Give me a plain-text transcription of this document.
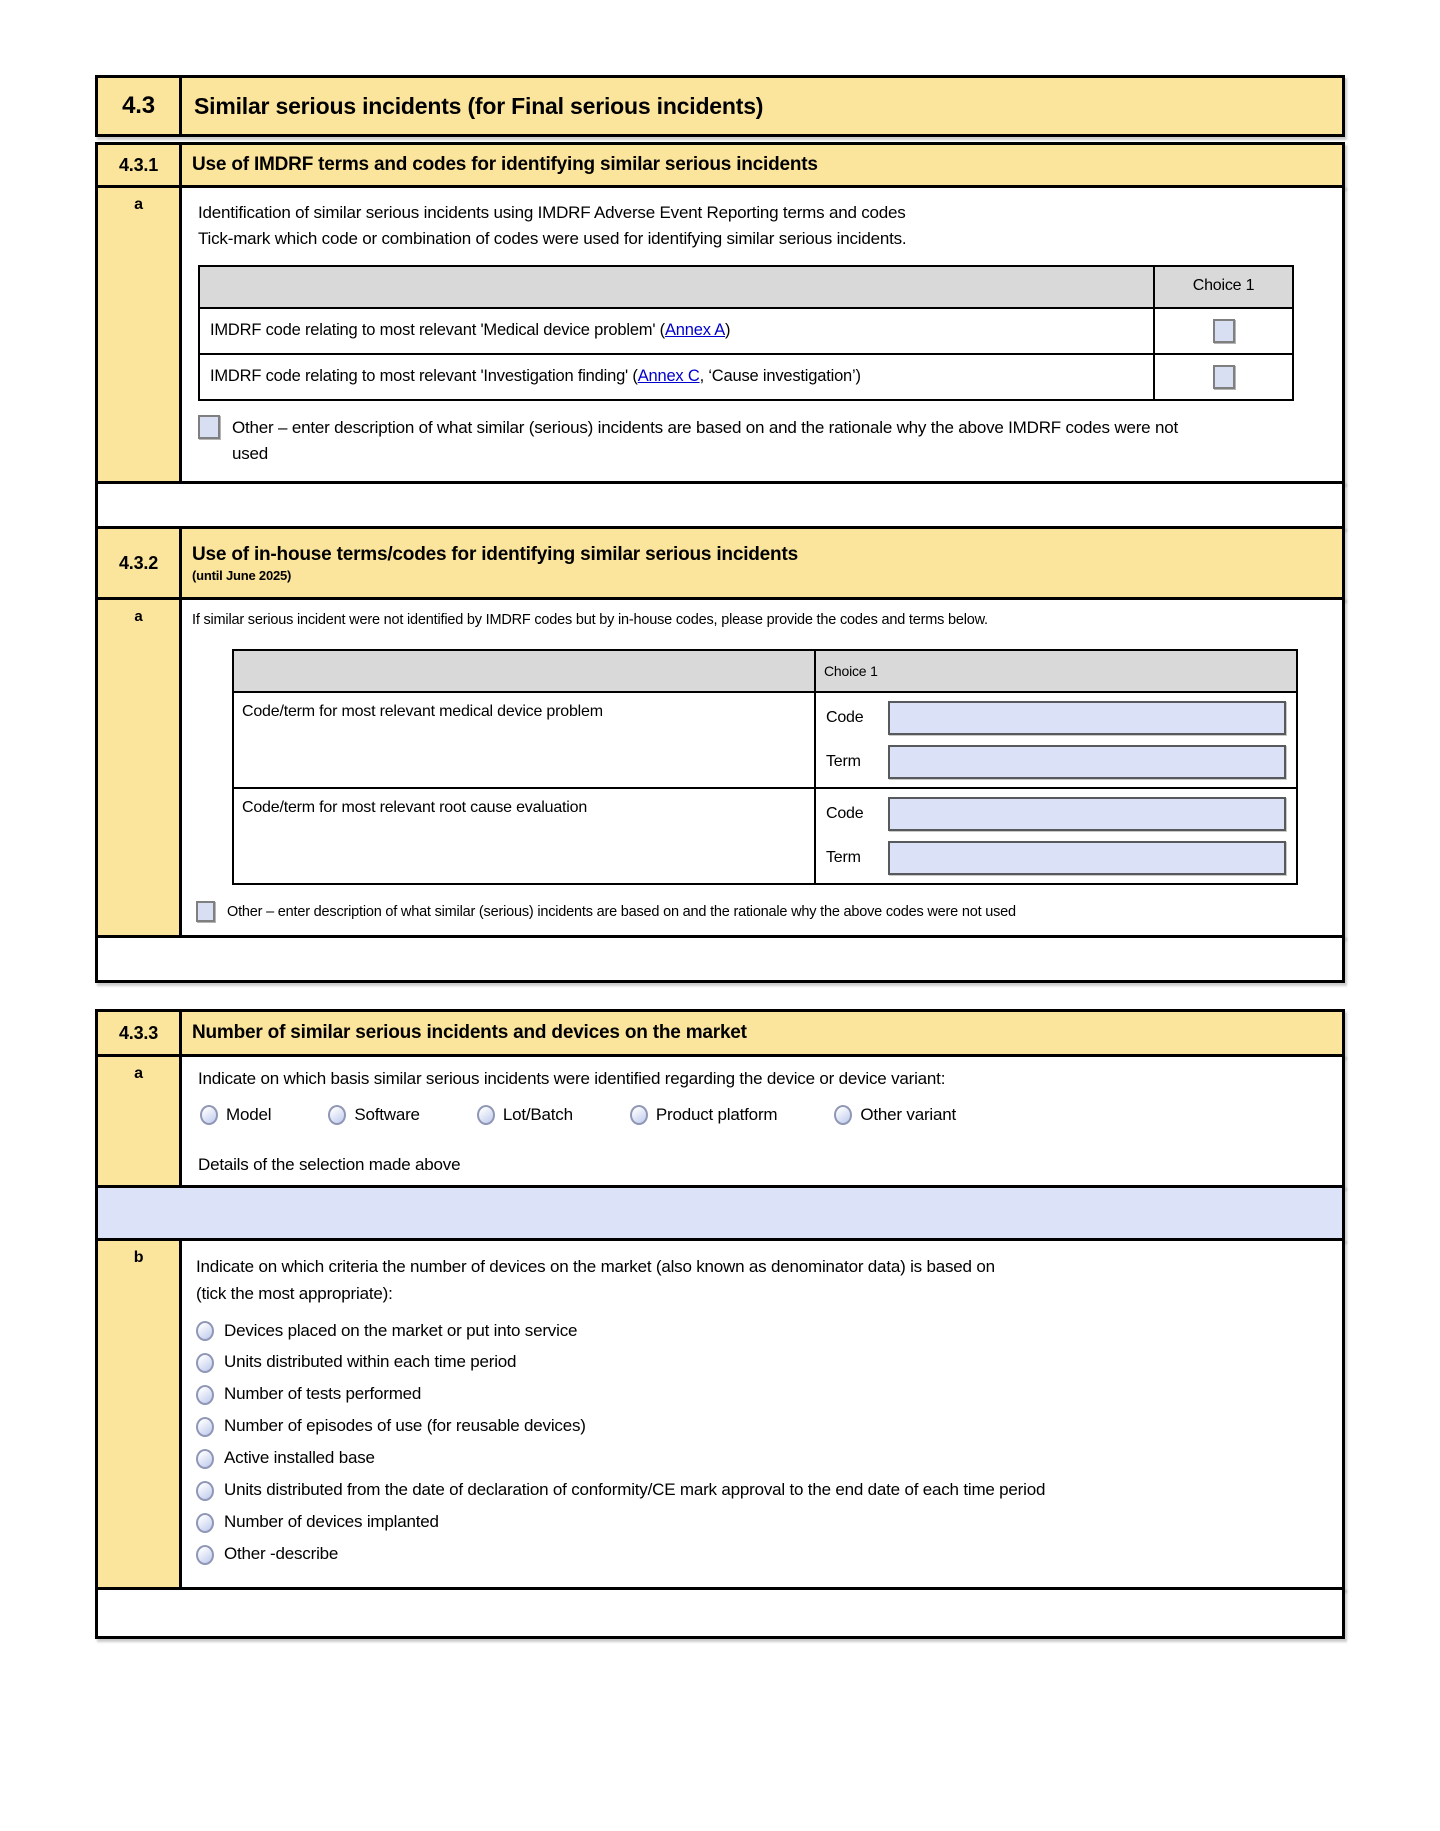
4.3	Similar serious incidents (for Final serious incidents)
4.3.1	Use of IMDRF terms and codes for identifying similar serious incidents
a	Identification of similar serious incidents using IMDRF Adverse Event Reporting terms and codes
Tick-mark which code or combination of codes were used for identifying similar serious incidents.
Choice 1
IMDRF code relating to most relevant 'Medical device problem' ( Annex A )
IMDRF code relating to most relevant 'Investigation finding' ( Annex C , ‘Cause investigation’)
Other – enter description of what similar (serious) incidents are based on and the rationale why the above IMDRF codes were not used
4.3.2	Use of in-house terms/codes for identifying similar serious incidents
(until June 2025)
a	If similar serious incident were not identified by IMDRF codes but by in-house codes, please provide the codes and terms below.
Choice 1
Code/term for most relevant medical device problem	Code
Term
Code/term for most relevant root cause evaluation	Code
Term
Other – enter description of what similar (serious) incidents are based on and the rationale why the above codes were not used
4.3.3	Number of similar serious incidents and devices on the market
a	Indicate on which basis similar serious incidents were identified regarding the device or device variant:
Model	Software	Lot/Batch	Product platform	Other variant
Details of the selection made above
b	Indicate on which criteria the number of devices on the market (also known as denominator data) is based on
(tick the most appropriate):
Devices placed on the market or put into service
Units distributed within each time period
Number of tests performed
Number of episodes of use (for reusable devices)
Active installed base
Units distributed from the date of declaration of conformity/CE mark approval to the end date of each time period
Number of devices implanted
Other -describe
